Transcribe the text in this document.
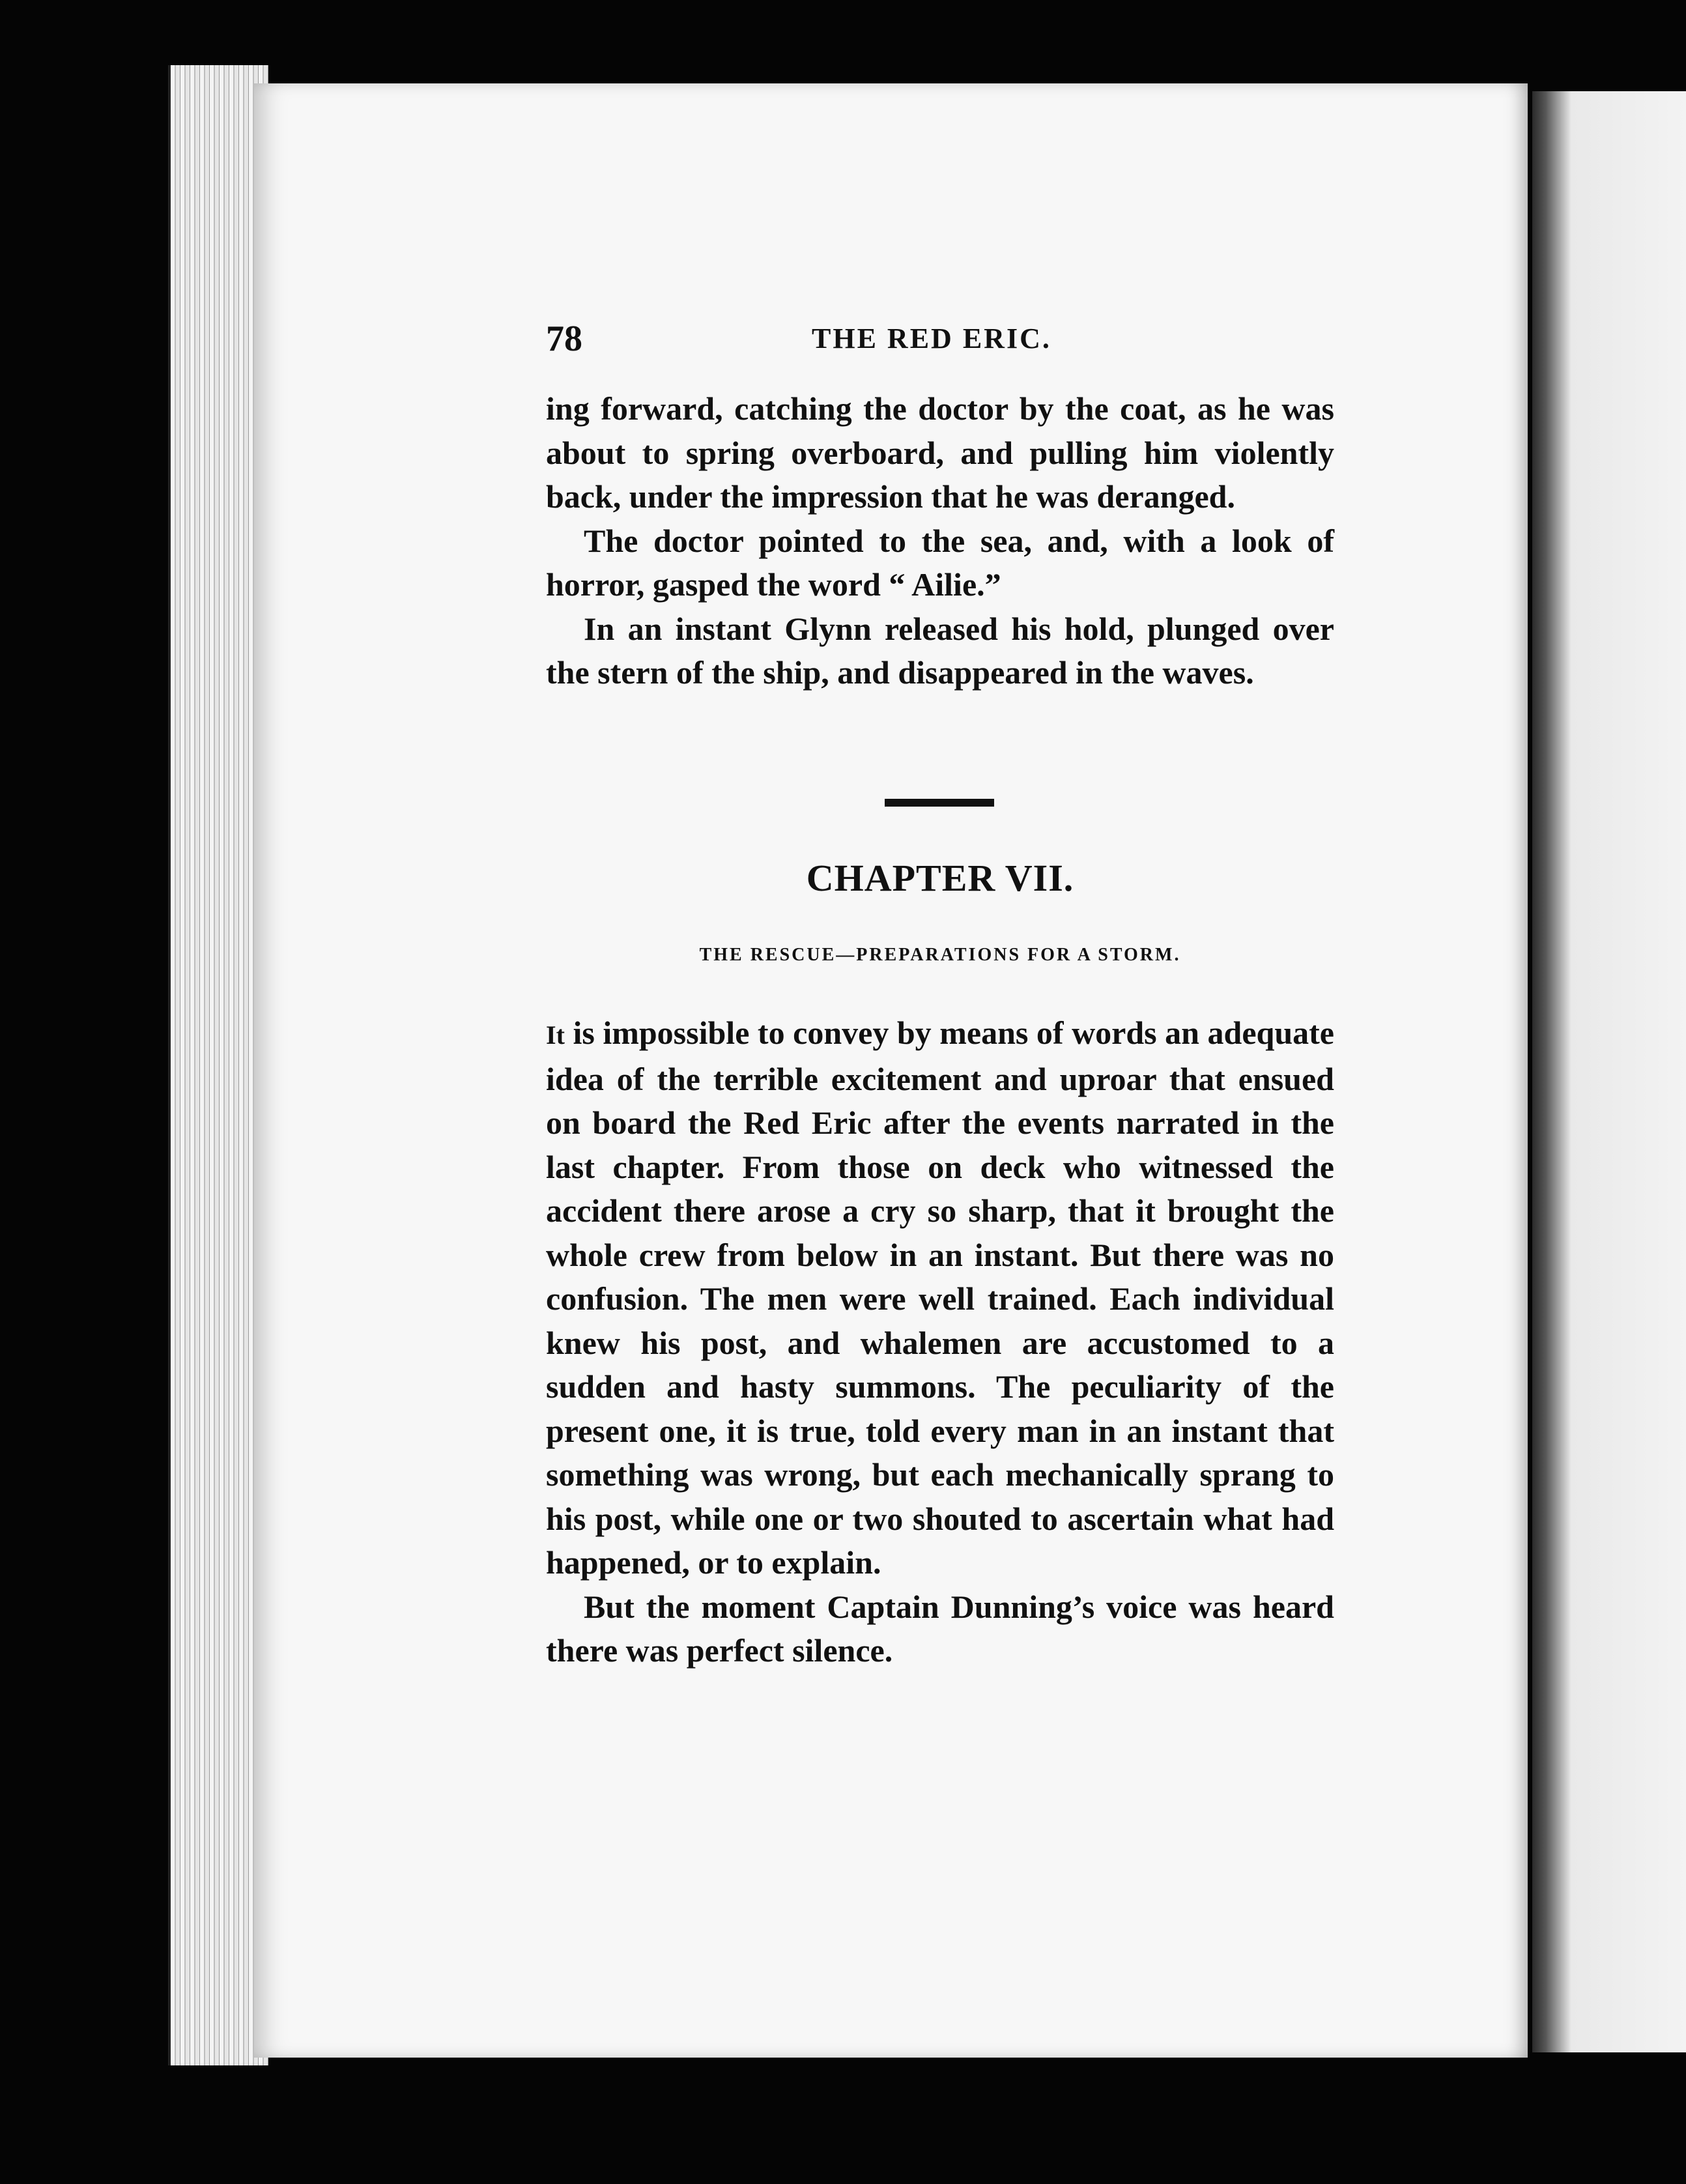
78	THE RED ERIC.

ing forward, catching the doctor by the coat, as he was about to spring overboard, and pulling him violently back, under the impression that he was deranged.

The doctor pointed to the sea, and, with a look of horror, gasped the word “ Ailie.”

In an instant Glynn released his hold, plunged over the stern of the ship, and disappeared in the waves.

CHAPTER VII.
THE RESCUE—PREPARATIONS FOR A STORM.

It is impossible to convey by means of words an adequate idea of the terrible excitement and uproar that ensued on board the Red Eric after the events narrated in the last chapter. From those on deck who witnessed the accident there arose a cry so sharp, that it brought the whole crew from below in an instant. But there was no confusion. The men were well trained. Each individual knew his post, and whalemen are accustomed to a sudden and hasty summons. The peculiarity of the present one, it is true, told every man in an instant that something was wrong, but each mechanically sprang to his post, while one or two shouted to ascertain what had happened, or to explain.

But the moment Captain Dunning’s voice was heard there was perfect silence.
